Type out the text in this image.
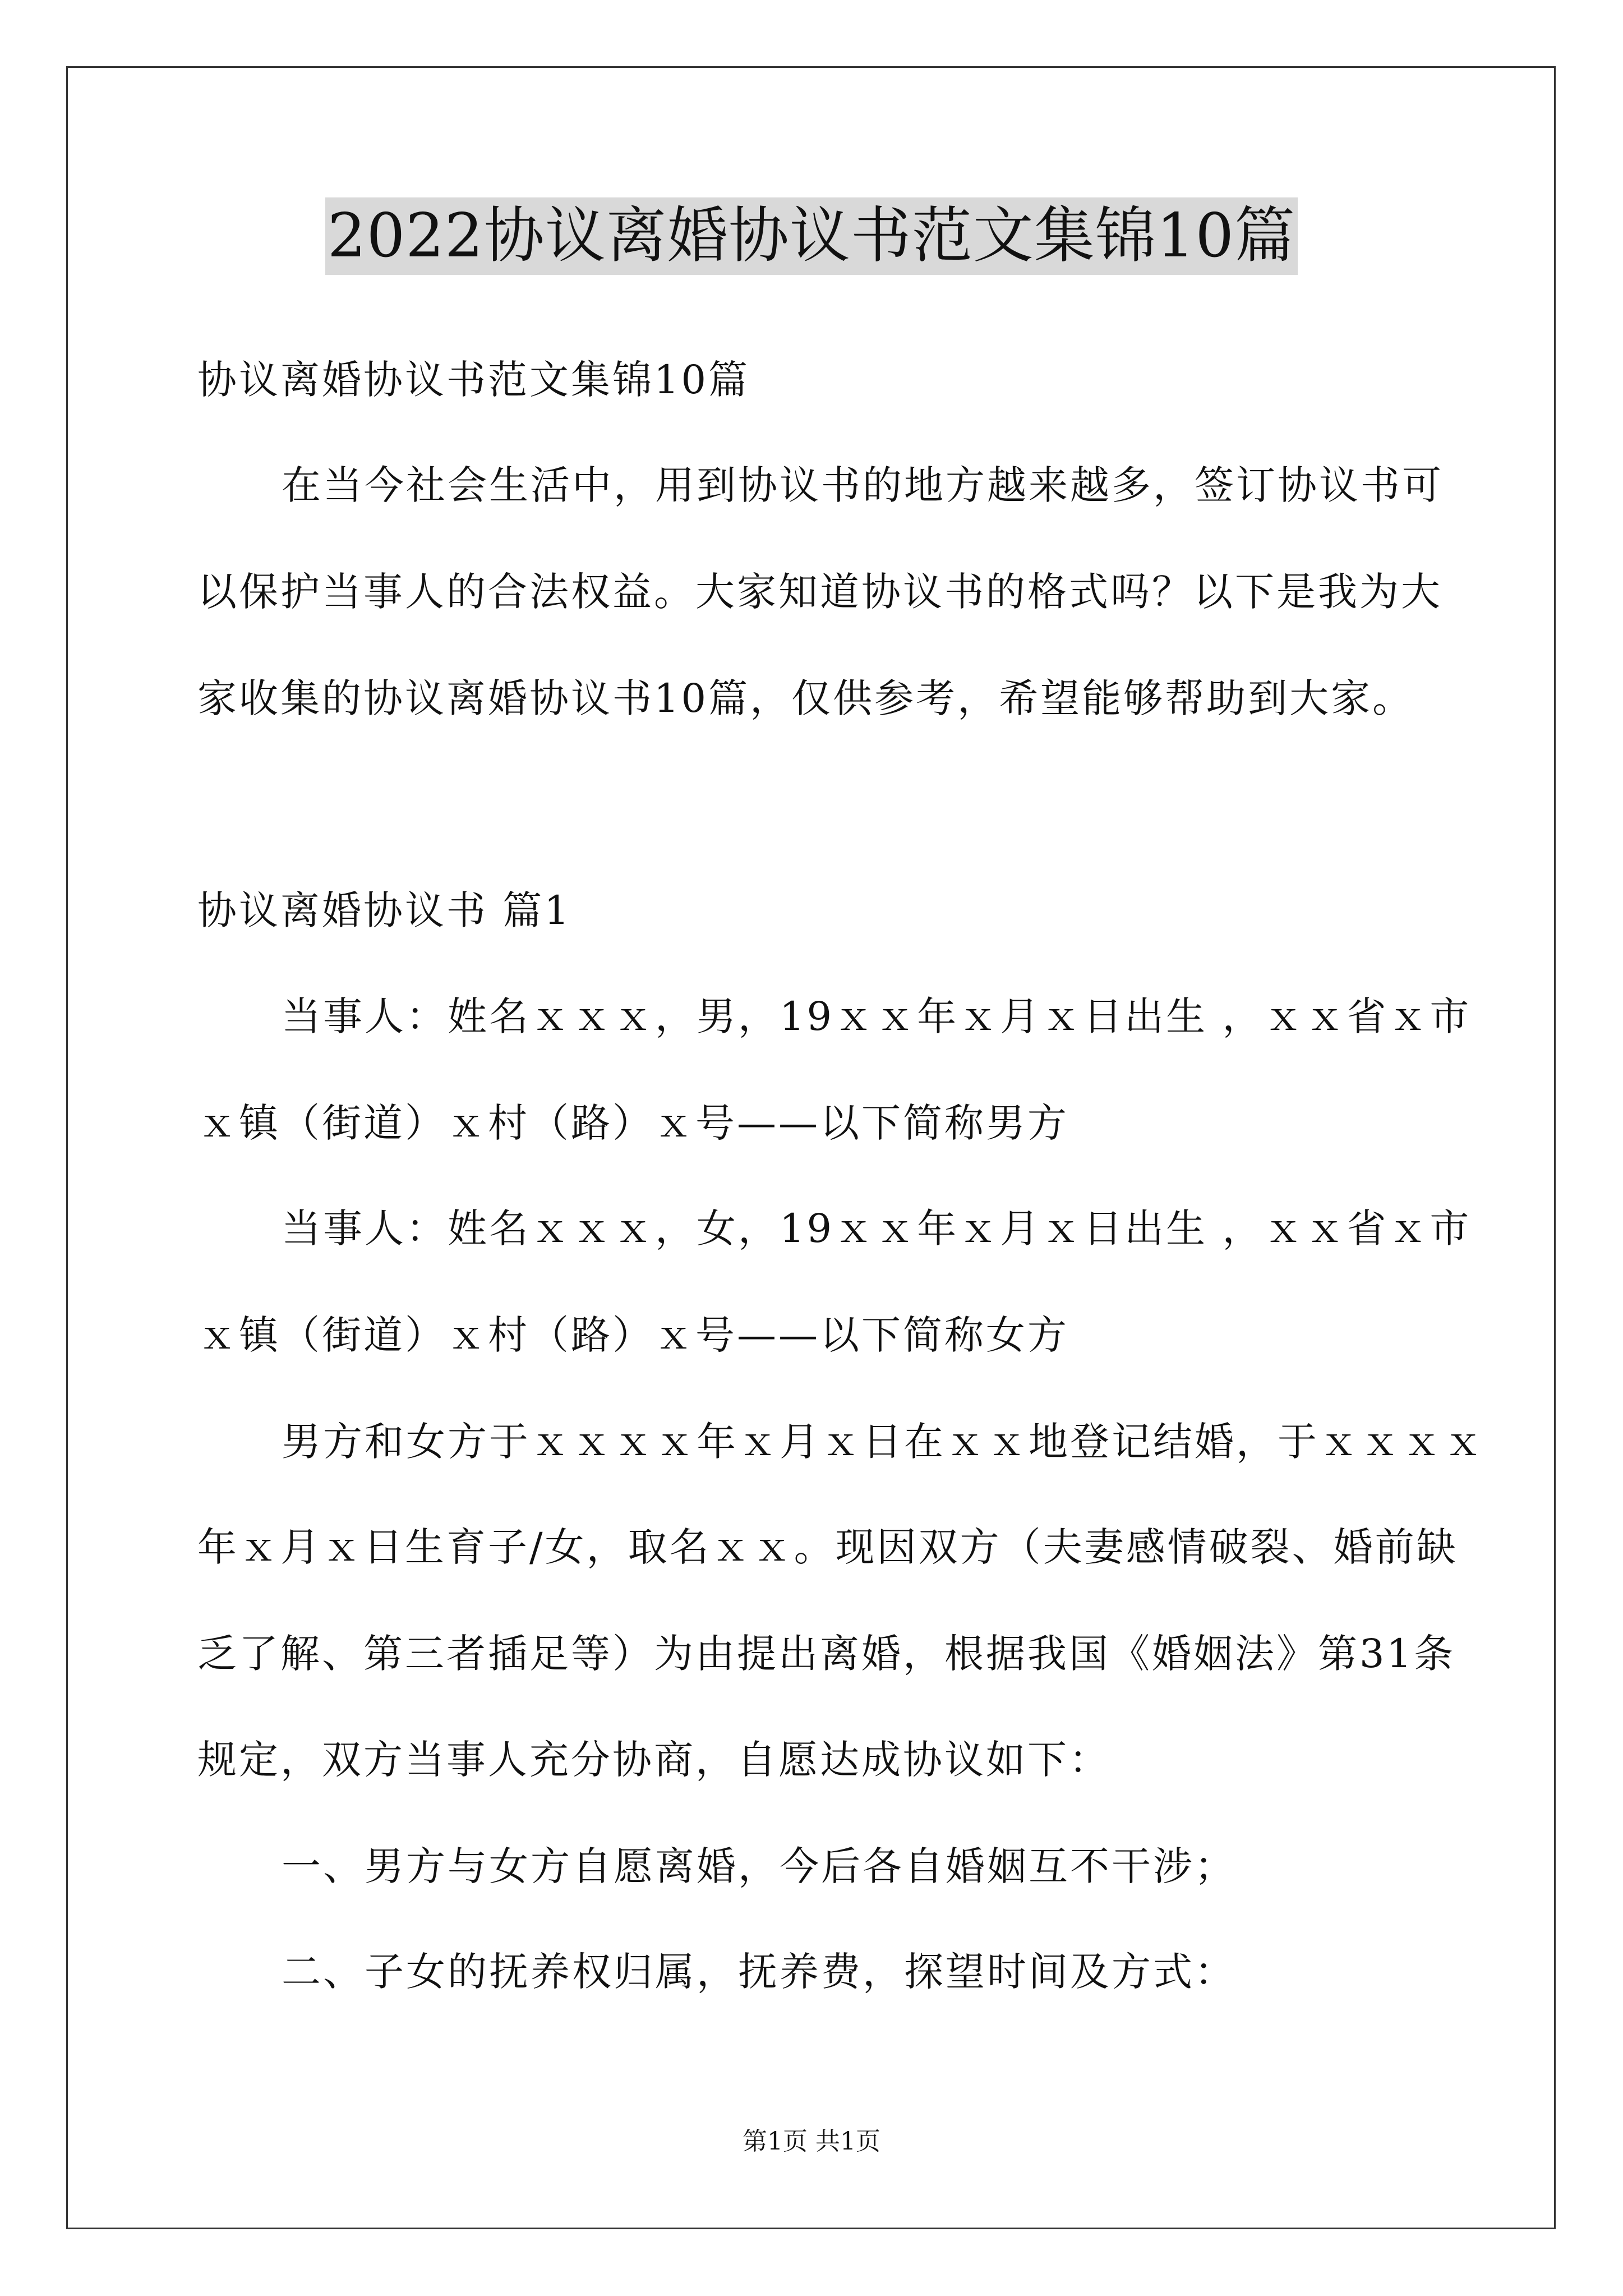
2022协议离婚协议书范文集锦10篇
协议离婚协议书范文集锦10篇
在当今社会生活中，用到协议书的地方越来越多，签订协议书可
以保护当事人的合法权益。大家知道协议书的格式吗？以下是我为大
家收集的协议离婚协议书10篇，仅供参考，希望能够帮助到大家。
协议离婚协议书 篇1
当事人：姓名ｘｘｘ，男，19ｘｘ年ｘ月ｘ日出生 ，ｘｘ省ｘ市
ｘ镇（街道）ｘ村（路）ｘ号——以下简称男方
当事人：姓名ｘｘｘ，女，19ｘｘ年ｘ月ｘ日出生 ，ｘｘ省ｘ市
ｘ镇（街道）ｘ村（路）ｘ号——以下简称女方
男方和女方于ｘｘｘｘ年ｘ月ｘ日在ｘｘ地登记结婚，于ｘｘｘｘ
年ｘ月ｘ日生育子/女，取名ｘｘ。现因双方（夫妻感情破裂、婚前缺
乏了解、第三者插足等）为由提出离婚，根据我国《婚姻法》第31条
规定，双方当事人充分协商，自愿达成协议如下：
一、男方与女方自愿离婚，今后各自婚姻互不干涉；
二、子女的抚养权归属，抚养费，探望时间及方式：
第1页 共1页
